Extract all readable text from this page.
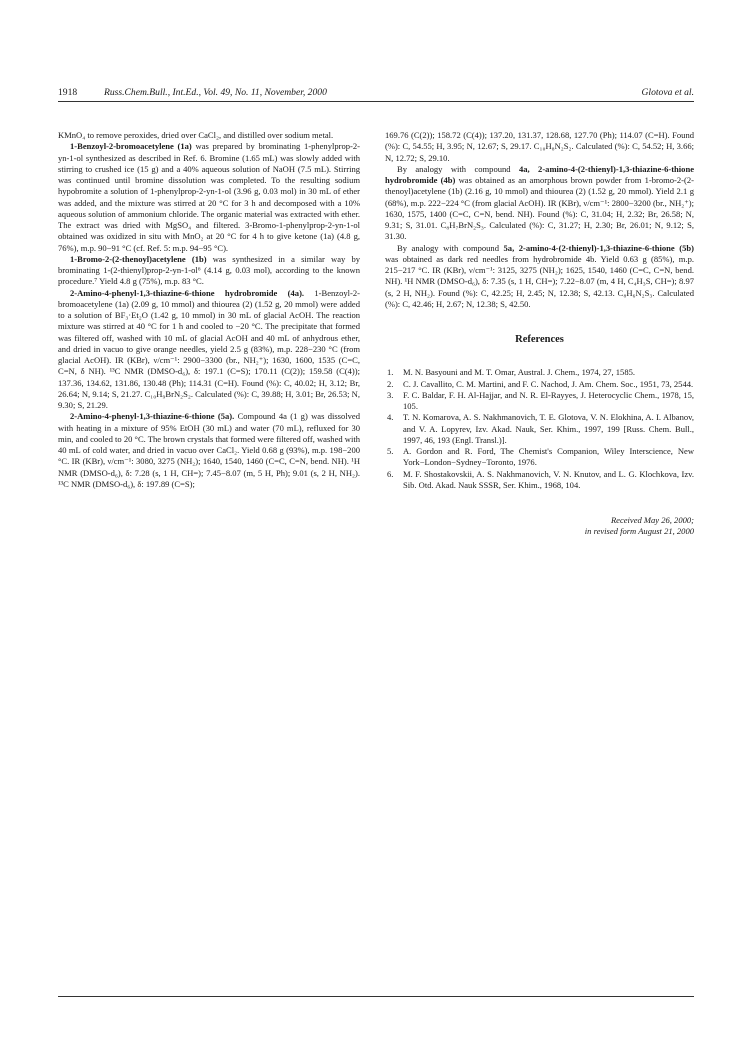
1918	Russ.Chem.Bull., Int.Ed., Vol. 49, No. 11, November, 2000	Glotova et al.

KMnO₄ to remove peroxides, dried over CaCl₂, and distilled over sodium metal.

1-Benzoyl-2-bromoacetylene (1a) was prepared by brominating 1-phenylprop-2-yn-1-ol synthesized as described in Ref. 6. Bromine (1.65 mL) was slowly added with stirring to crushed ice (15 g) and a 40% aqueous solution of NaOH (7.5 mL). Stirring was continued until bromine dissolution was completed. To the resulting sodium hypobromite a solution of 1-phenylprop-2-yn-1-ol (3.96 g, 0.03 mol) in 30 mL of ether was added, and the mixture was stirred at 20 °C for 3 h and decomposed with a 10% aqueous solution of ammonium chloride. The organic material was extracted with ether. The extract was dried with MgSO₄ and filtered. 3-Bromo-1-phenylprop-2-yn-1-ol obtained was oxidized in situ with MnO₂ at 20 °C for 4 h to give ketone (1a) (4.8 g, 76%), m.p. 90−91 °C (cf. Ref. 5: m.p. 94−95 °C).

1-Bromo-2-(2-thenoyl)acetylene (1b) was synthesized in a similar way by brominating 1-(2-thienyl)prop-2-yn-1-ol⁶ (4.14 g, 0.03 mol), according to the known procedure.⁷ Yield 4.8 g (75%), m.p. 83 °C.

2-Amino-4-phenyl-1,3-thiazine-6-thione hydrobromide (4a). 1-Benzoyl-2-bromoacetylene (1a) (2.09 g, 10 mmol) and thiourea (2) (1.52 g, 20 mmol) were added to a solution of BF₃·Et₂O (1.42 g, 10 mmol) in 30 mL of glacial AcOH. The reaction mixture was stirred at 40 °C for 1 h and cooled to −20 °C. The precipitate that formed was filtered off, washed with 10 mL of glacial AcOH and 40 mL of anhydrous ether, and dried in vacuo to give orange needles, yield 2.5 g (83%), m.p. 228−230 °C (from glacial AcOH). IR (KBr), ν/cm⁻¹: 2900−3300 (br., NH₂⁺); 1630, 1600, 1535 (C=C, C=N, δ NH). ¹³C NMR (DMSO-d₆), δ: 197.1 (C=S); 170.11 (C(2)); 159.58 (C(4)); 137.36, 134.62, 131.86, 130.48 (Ph); 114.31 (C=H). Found (%): C, 40.02; H, 3.12; Br, 26.64; N, 9.14; S, 21.27. C₁₀H₉BrN₂S₂. Calculated (%): C, 39.88; H, 3.01; Br, 26.53; N, 9.30; S, 21.29.

2-Amino-4-phenyl-1,3-thiazine-6-thione (5a). Compound 4a (1 g) was dissolved with heating in a mixture of 95% EtOH (30 mL) and water (70 mL), refluxed for 30 min, and cooled to 20 °C. The brown crystals that formed were filtered off, washed with 40 mL of cold water, and dried in vacuo over CaCl₂. Yield 0.68 g (93%), m.p. 198−200 °C. IR (KBr), ν/cm⁻¹: 3080, 3275 (NH₂); 1640, 1540, 1460 (C=C, C=N, bend. NH). ¹H NMR (DMSO-d₆), δ: 7.28 (s, 1 H, CH=); 7.45−8.07 (m, 5 H, Ph); 9.01 (s, 2 H, NH₂). ¹³C NMR (DMSO-d₆), δ: 197.89 (C=S);

169.76 (C(2)); 158.72 (C(4)); 137.20, 131.37, 128.68, 127.70 (Ph); 114.07 (C=H). Found (%): C, 54.55; H, 3.95; N, 12.67; S, 29.17. C₁₀H₈N₂S₂. Calculated (%): C, 54.52; H, 3.66; N, 12.72; S, 29.10.

By analogy with compound 4a, 2-amino-4-(2-thienyl)-1,3-thiazine-6-thione hydrobromide (4b) was obtained as an amorphous brown powder from 1-bromo-2-(2-thenoyl)acetylene (1b) (2.16 g, 10 mmol) and thiourea (2) (1.52 g, 20 mmol). Yield 2.1 g (68%), m.p. 222−224 °C (from glacial AcOH). IR (KBr), ν/cm⁻¹: 2800−3200 (br., NH₂⁺); 1630, 1575, 1400 (C=C, C=N, bend. NH). Found (%): C, 31.04; H, 2.32; Br, 26.58; N, 9.31; S, 31.01. C₈H₇BrN₂S₃. Calculated (%): C, 31.27; H, 2.30; Br, 26.01; N, 9.12; S, 31.30.

By analogy with compound 5a, 2-amino-4-(2-thienyl)-1,3-thiazine-6-thione (5b) was obtained as dark red needles from hydrobromide 4b. Yield 0.63 g (85%), m.p. 215−217 °C. IR (KBr), ν/cm⁻¹: 3125, 3275 (NH₂); 1625, 1540, 1460 (C=C, C=N, bend. NH). ¹H NMR (DMSO-d₆), δ: 7.35 (s, 1 H, CH=); 7.22−8.07 (m, 4 H, C₄H₃S, CH=); 8.97 (s, 2 H, NH₂). Found (%): C, 42.25; H, 2.45; N, 12.38; S, 42.13. C₈H₆N₂S₃. Calculated (%): C, 42.46; H, 2.67; N, 12.38; S, 42.50.

References
1. M. N. Basyouni and M. T. Omar, Austral. J. Chem., 1974, 27, 1585.
2. C. J. Cavallito, C. M. Martini, and F. C. Nachod, J. Am. Chem. Soc., 1951, 73, 2544.
3. F. C. Baldar, F. H. Al-Hajjar, and N. R. El-Rayyes, J. Heterocyclic Chem., 1978, 15, 105.
4. T. N. Komarova, A. S. Nakhmanovich, T. E. Glotova, V. N. Elokhina, A. I. Albanov, and V. A. Lopyrev, Izv. Akad. Nauk, Ser. Khim., 1997, 199 [Russ. Chem. Bull., 1997, 46, 193 (Engl. Transl.)].
5. A. Gordon and R. Ford, The Chemist's Companion, Wiley Interscience, New York−London−Sydney−Toronto, 1976.
6. M. F. Shostakovskii, A. S. Nakhmanovich, V. N. Knutov, and L. G. Klochkova, Izv. Sib. Otd. Akad. Nauk SSSR, Ser. Khim., 1968, 104.
Received May 26, 2000;
in revised form August 21, 2000
